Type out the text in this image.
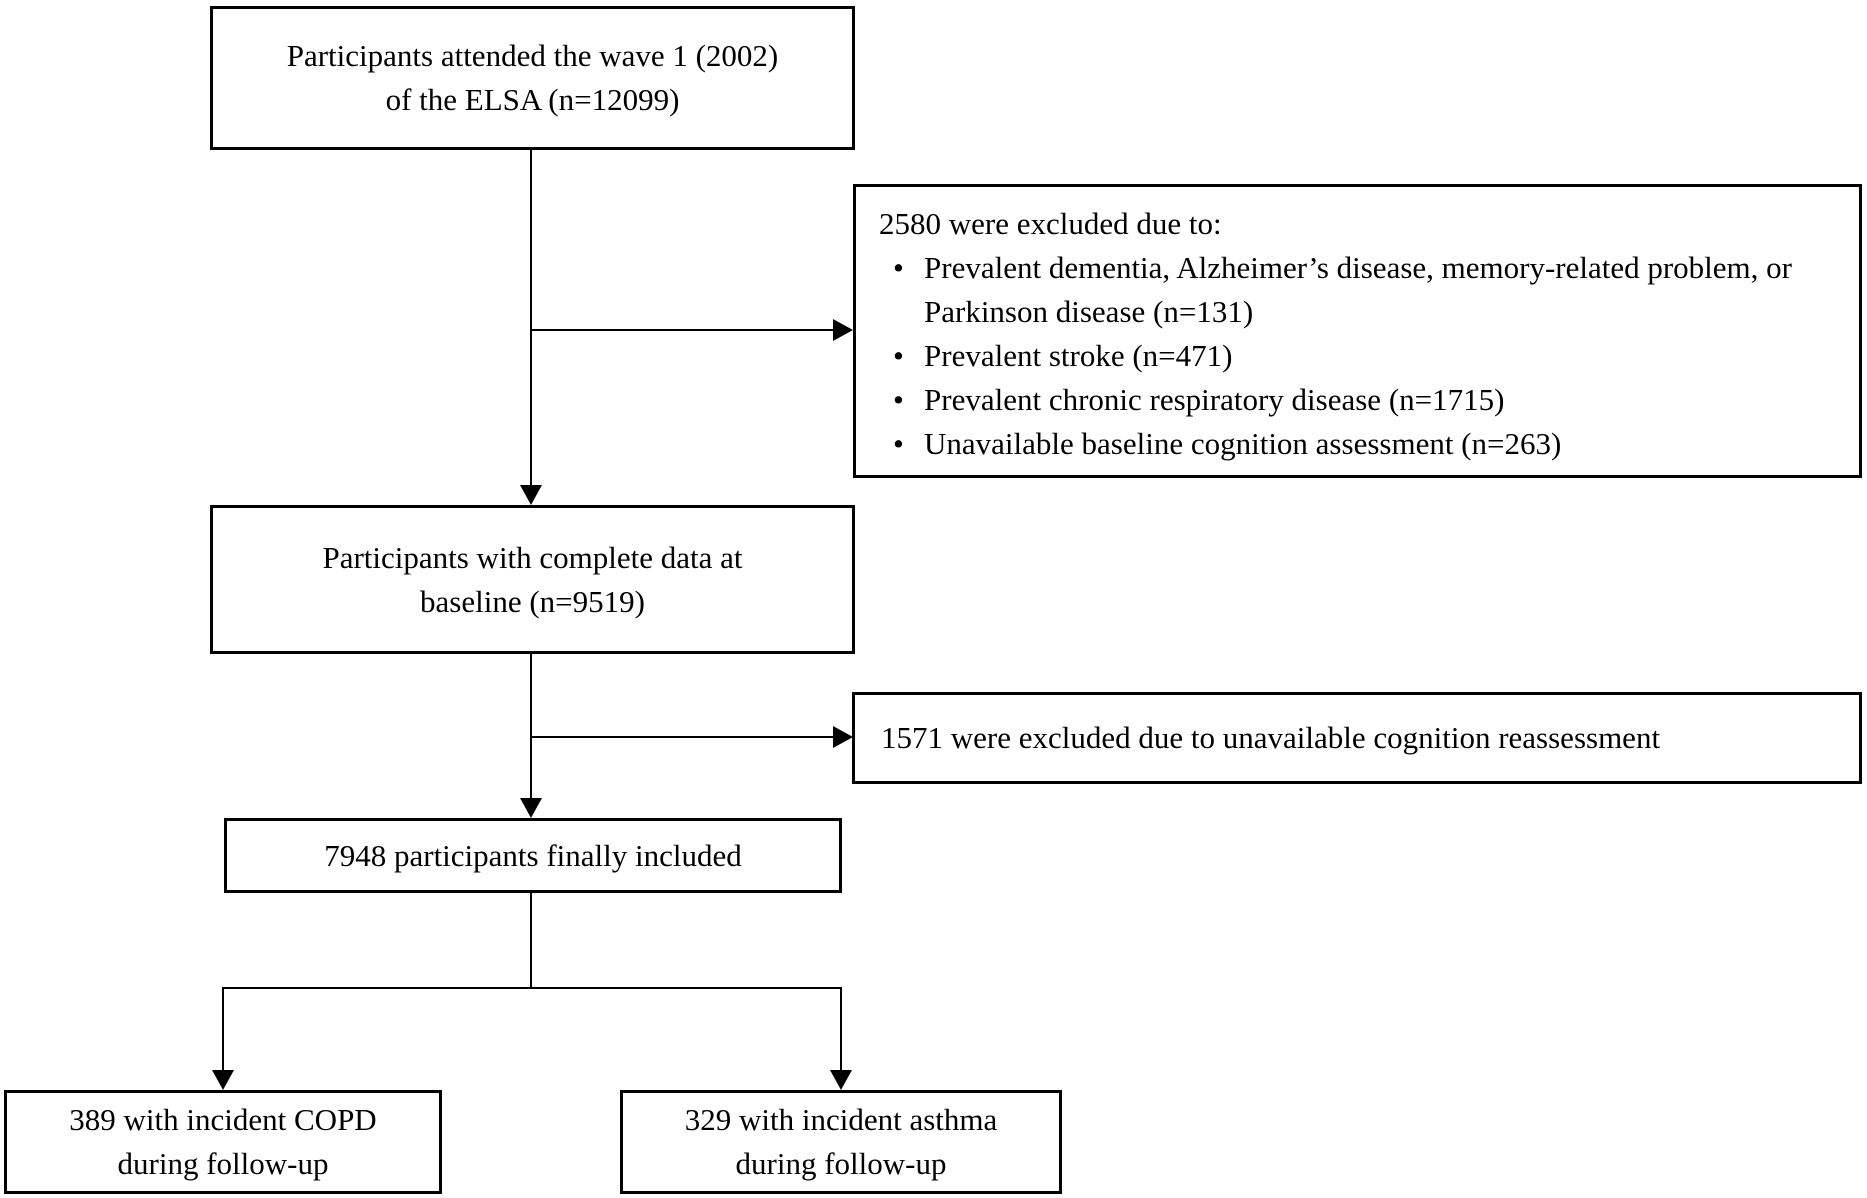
Participants attended the wave 1 (2002)
of the ELSA (n=12099)
2580 were excluded due to:
• Prevalent dementia, Alzheimer’s disease, memory-related problem, or Parkinson disease (n=131)
• Prevalent stroke (n=471)
• Prevalent chronic respiratory disease (n=1715)
• Unavailable baseline cognition assessment (n=263)
Participants with complete data at
baseline (n=9519)
1571 were excluded due to unavailable cognition reassessment
7948 participants finally included
389 with incident COPD
during follow-up
329 with incident asthma
during follow-up
